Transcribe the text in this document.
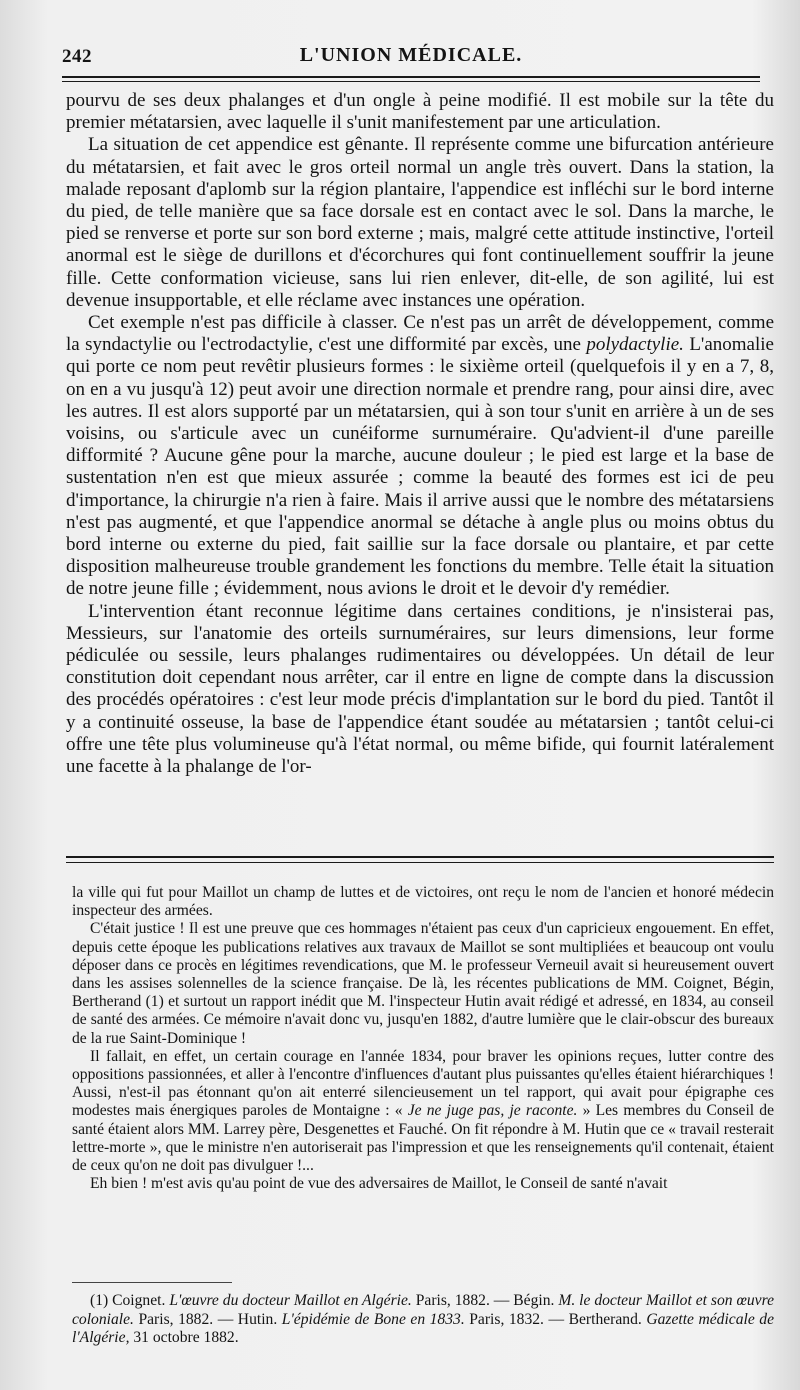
242	L'UNION MÉDICALE.

pourvu de ses deux phalanges et d'un ongle à peine modifié. Il est mobile sur la tête du premier métatarsien, avec laquelle il s'unit manifestement par une articulation.

La situation de cet appendice est gênante. Il représente comme une bifurcation antérieure du métatarsien, et fait avec le gros orteil normal un angle très ouvert. Dans la station, la malade reposant d'aplomb sur la région plantaire, l'appendice est infléchi sur le bord interne du pied, de telle manière que sa face dorsale est en contact avec le sol. Dans la marche, le pied se renverse et porte sur son bord externe ; mais, malgré cette attitude instinctive, l'orteil anormal est le siège de durillons et d'écorchures qui font continuellement souffrir la jeune fille. Cette conformation vicieuse, sans lui rien enlever, dit-elle, de son agilité, lui est devenue insupportable, et elle réclame avec instances une opération.

Cet exemple n'est pas difficile à classer. Ce n'est pas un arrêt de développement, comme la syndactylie ou l'ectrodactylie, c'est une difformité par excès, une polydactylie. L'anomalie qui porte ce nom peut revêtir plusieurs formes : le sixième orteil (quelquefois il y en a 7, 8, on en a vu jusqu'à 12) peut avoir une direction normale et prendre rang, pour ainsi dire, avec les autres. Il est alors supporté par un métatarsien, qui à son tour s'unit en arrière à un de ses voisins, ou s'articule avec un cunéiforme surnuméraire. Qu'advient-il d'une pareille difformité ? Aucune gêne pour la marche, aucune douleur ; le pied est large et la base de sustentation n'en est que mieux assurée ; comme la beauté des formes est ici de peu d'importance, la chirurgie n'a rien à faire. Mais il arrive aussi que le nombre des métatarsiens n'est pas augmenté, et que l'appendice anormal se détache à angle plus ou moins obtus du bord interne ou externe du pied, fait saillie sur la face dorsale ou plantaire, et par cette disposition malheureuse trouble grandement les fonctions du membre. Telle était la situation de notre jeune fille ; évidemment, nous avions le droit et le devoir d'y remédier.

L'intervention étant reconnue légitime dans certaines conditions, je n'insisterai pas, Messieurs, sur l'anatomie des orteils surnuméraires, sur leurs dimensions, leur forme pédiculée ou sessile, leurs phalanges rudimentaires ou développées. Un détail de leur constitution doit cependant nous arrêter, car il entre en ligne de compte dans la discussion des procédés opératoires : c'est leur mode précis d'implantation sur le bord du pied. Tantôt il y a continuité osseuse, la base de l'appendice étant soudée au métatarsien ; tantôt celui-ci offre une tête plus volumineuse qu'à l'état normal, ou même bifide, qui fournit latéralement une facette à la phalange de l'or-

la ville qui fut pour Maillot un champ de luttes et de victoires, ont reçu le nom de l'ancien et honoré médecin inspecteur des armées.

C'était justice ! Il est une preuve que ces hommages n'étaient pas ceux d'un capricieux engouement. En effet, depuis cette époque les publications relatives aux travaux de Maillot se sont multipliées et beaucoup ont voulu déposer dans ce procès en légitimes revendications, que M. le professeur Verneuil avait si heureusement ouvert dans les assises solennelles de la science française. De là, les récentes publications de MM. Coignet, Bégin, Bertherand (1) et surtout un rapport inédit que M. l'inspecteur Hutin avait rédigé et adressé, en 1834, au conseil de santé des armées. Ce mémoire n'avait donc vu, jusqu'en 1882, d'autre lumière que le clair-obscur des bureaux de la rue Saint-Dominique !

Il fallait, en effet, un certain courage en l'année 1834, pour braver les opinions reçues, lutter contre des oppositions passionnées, et aller à l'encontre d'influences d'autant plus puissantes qu'elles étaient hiérarchiques ! Aussi, n'est-il pas étonnant qu'on ait enterré silencieusement un tel rapport, qui avait pour épigraphe ces modestes mais énergiques paroles de Montaigne : « Je ne juge pas, je raconte. » Les membres du Conseil de santé étaient alors MM. Larrey père, Desgenettes et Fauché. On fit répondre à M. Hutin que ce « travail resterait lettre-morte », que le ministre n'en autoriserait pas l'impression et que les renseignements qu'il contenait, étaient de ceux qu'on ne doit pas divulguer !...

Eh bien ! m'est avis qu'au point de vue des adversaires de Maillot, le Conseil de santé n'avait

(1) Coignet. L'œuvre du docteur Maillot en Algérie. Paris, 1882. — Bégin. M. le docteur Maillot et son œuvre coloniale. Paris, 1882. — Hutin. L'épidémie de Bone en 1833. Paris, 1832. — Bertherand. Gazette médicale de l'Algérie, 31 octobre 1882.
